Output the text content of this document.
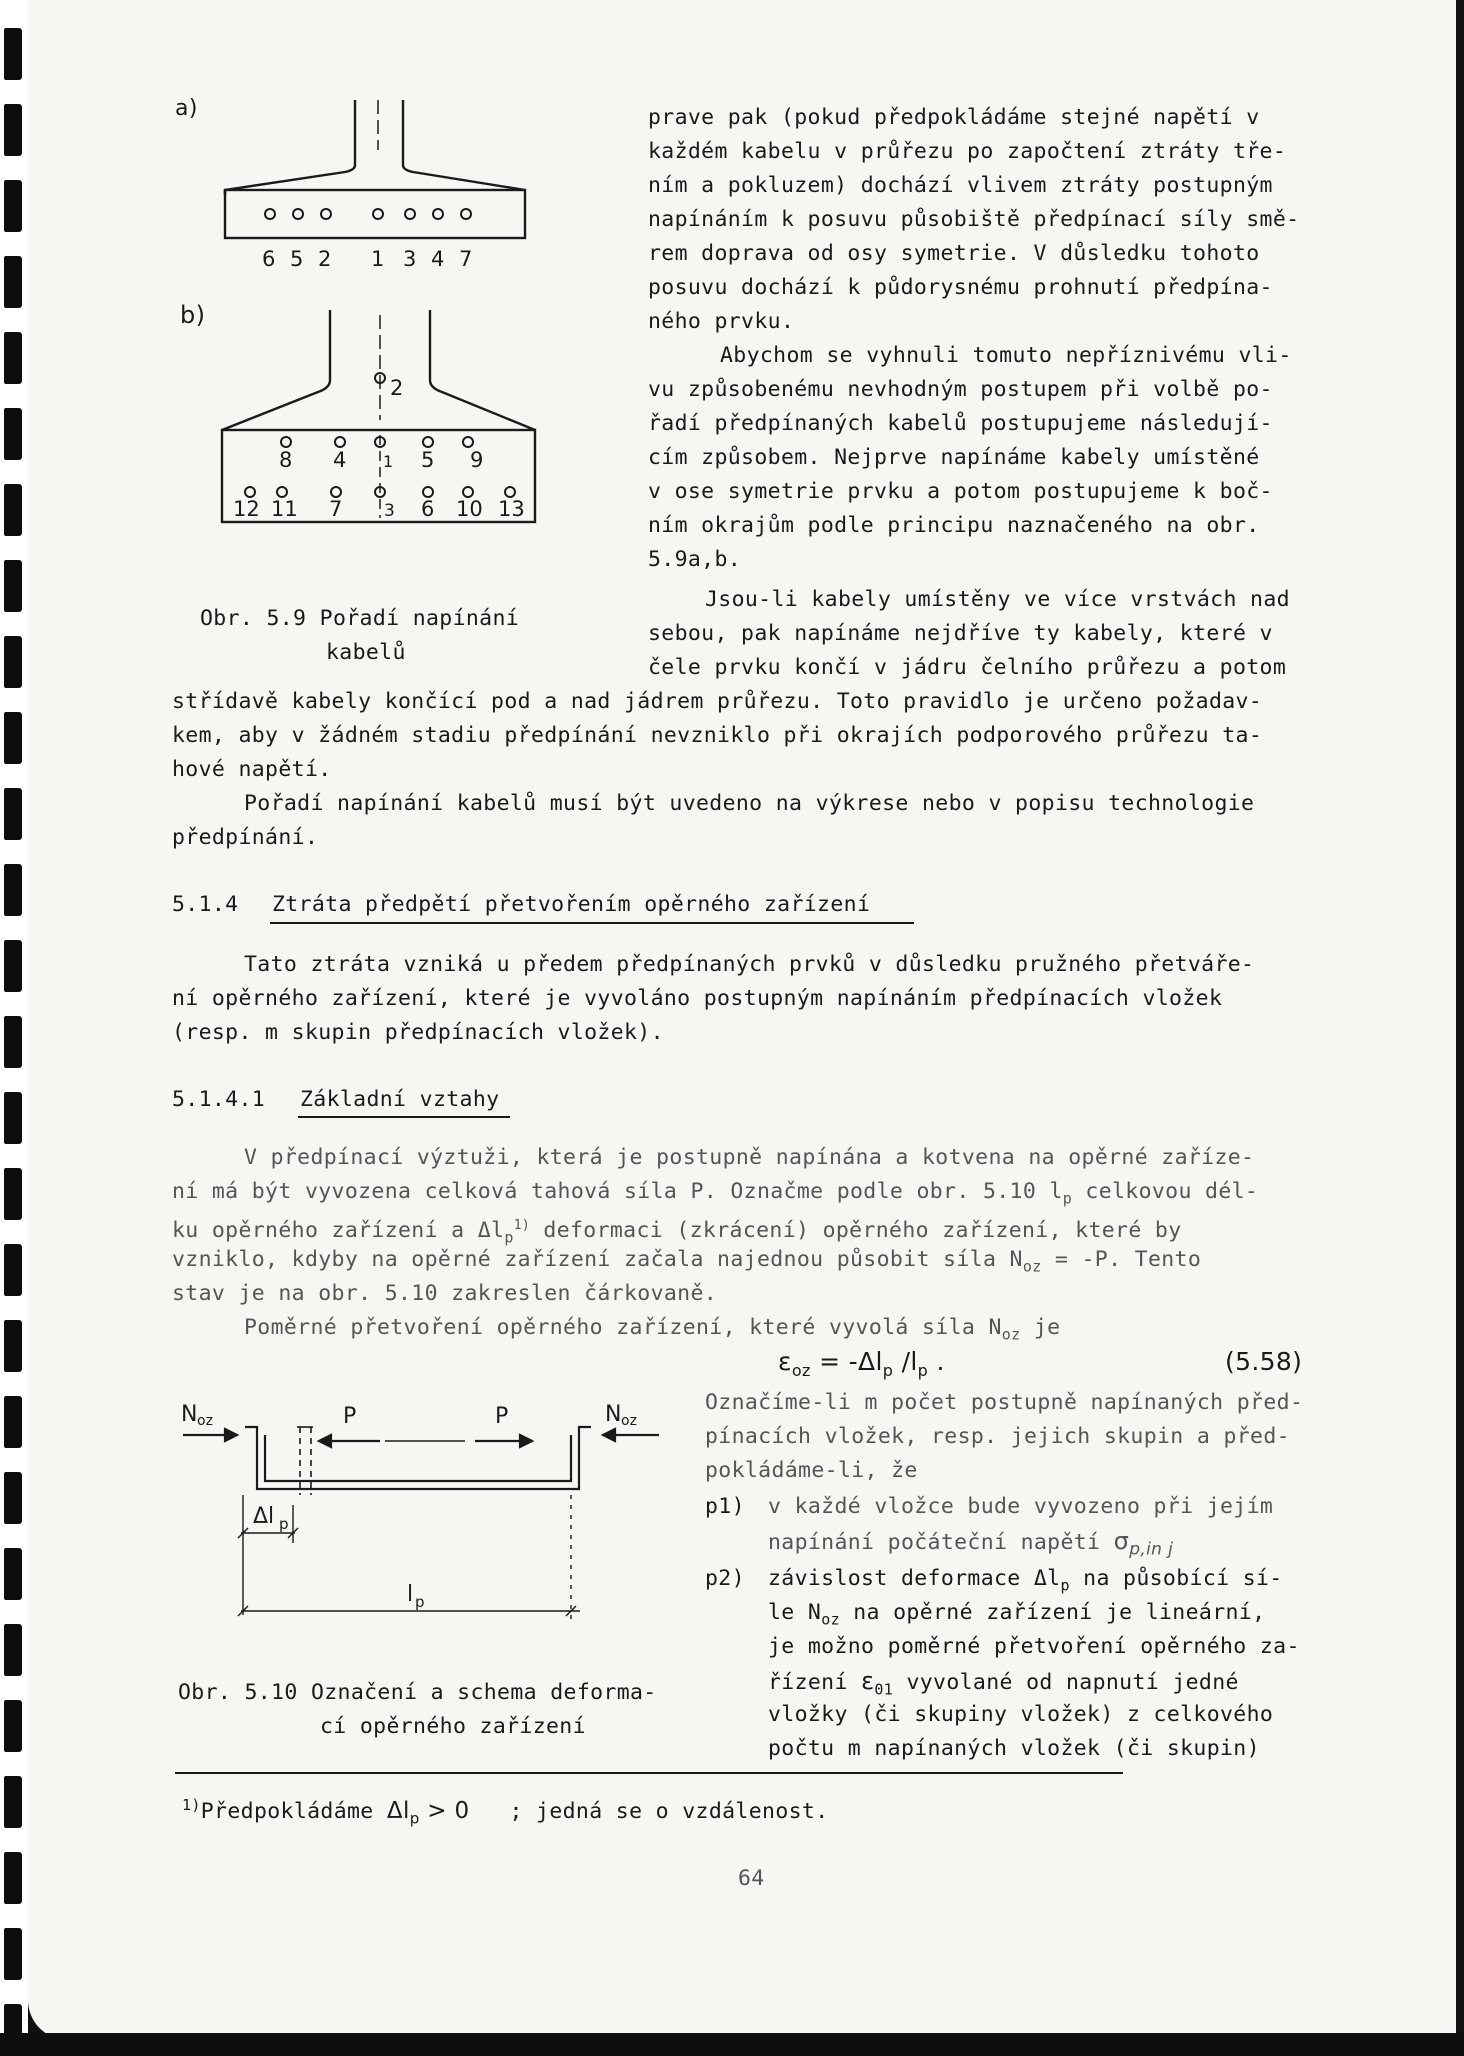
6 5 2 1 3 4 7
2
8 4 1 5 9
12 11 7 3 6 10 13
a)
b)
Obr. 5.9 Pořadí napínání
kabelů
prave pak (pokud předpokládáme stejné napětí v
každém kabelu v průřezu po započtení ztráty tře-
ním a pokluzem) dochází vlivem ztráty postupným
napínáním k posuvu působiště předpínací síly smě-
rem doprava od osy symetrie. V důsledku tohoto
posuvu dochází k půdorysnému prohnutí předpína-
ného prvku.
Abychom se vyhnuli tomuto nepříznivému vli-
vu způsobenému nevhodným postupem při volbě po-
řadí předpínaných kabelů postupujeme následují-
cím způsobem. Nejprve napínáme kabely umístěné
v ose symetrie prvku a potom postupujeme k boč-
ním okrajům podle principu naznačeného na obr.
5.9a,b.
Jsou-li kabely umístěny ve více vrstvách nad
sebou, pak napínáme nejdříve ty kabely, které v
čele prvku končí v jádru čelního průřezu a potom
střídavě kabely končící pod a nad jádrem průřezu. Toto pravidlo je určeno požadav-
kem, aby v žádném stadiu předpínání nevzniklo při okrajích podporového průřezu ta-
hové napětí.
Pořadí napínání kabelů musí být uvedeno na výkrese nebo v popisu technologie
předpínání.
5.1.4 Ztráta předpětí přetvořením opěrného zařízení
Tato ztráta vzniká u předem předpínaných prvků v důsledku pružného přetváře-
ní opěrného zařízení, které je vyvoláno postupným napínáním předpínacích vložek
(resp. m skupin předpínacích vložek).
5.1.4.1 Základní vztahy
V předpínací výztuži, která je postupně napínána a kotvena na opěrné zaříze-
ní má být vyvozena celková tahová síla P. Označme podle obr. 5.10 $l_p$ celkovou dél-
ku opěrného zařízení a $\Delta l_p^{1)}$ deformaci (zkrácení) opěrného zařízení, které by
vzniklo, kdyby na opěrné zařízení začala najednou působit síla $N_{oz} = -P$. Tento
stav je na obr. 5.10 zakreslen čárkovaně.
Poměrné přetvoření opěrného zařízení, které vyvolá síla $N_{oz}$ je
$\varepsilon_{oz} = -\Delta l_p$ $/l_p$ .	(5.58)
N oz	P	P	N oz
Δl p
l p
Obr. 5.10 Označení a schema deforma-
cí opěrného zařízení
Označíme-li m počet postupně napínaných před-
pínacích vložek, resp. jejich skupin a před-
pokládáme-li, že
p1) v každé vložce bude vyvozeno při jejím
napínání počáteční napětí $\sigma_{p,in j}$
p2) závislost deformace $\Delta l_p$ na působící sí-
le $N_{oz}$ na opěrné zařízení je lineární,
je možno poměrné přetvoření opěrného za-
řízení $\varepsilon_{01}$ vyvolané od napnutí jedné
vložky (či skupiny vložek) z celkového
počtu m napínaných vložek (či skupin)
$^{1)}$Předpokládáme $\Delta l_p > 0$ ; jedná se o vzdálenost.
64
